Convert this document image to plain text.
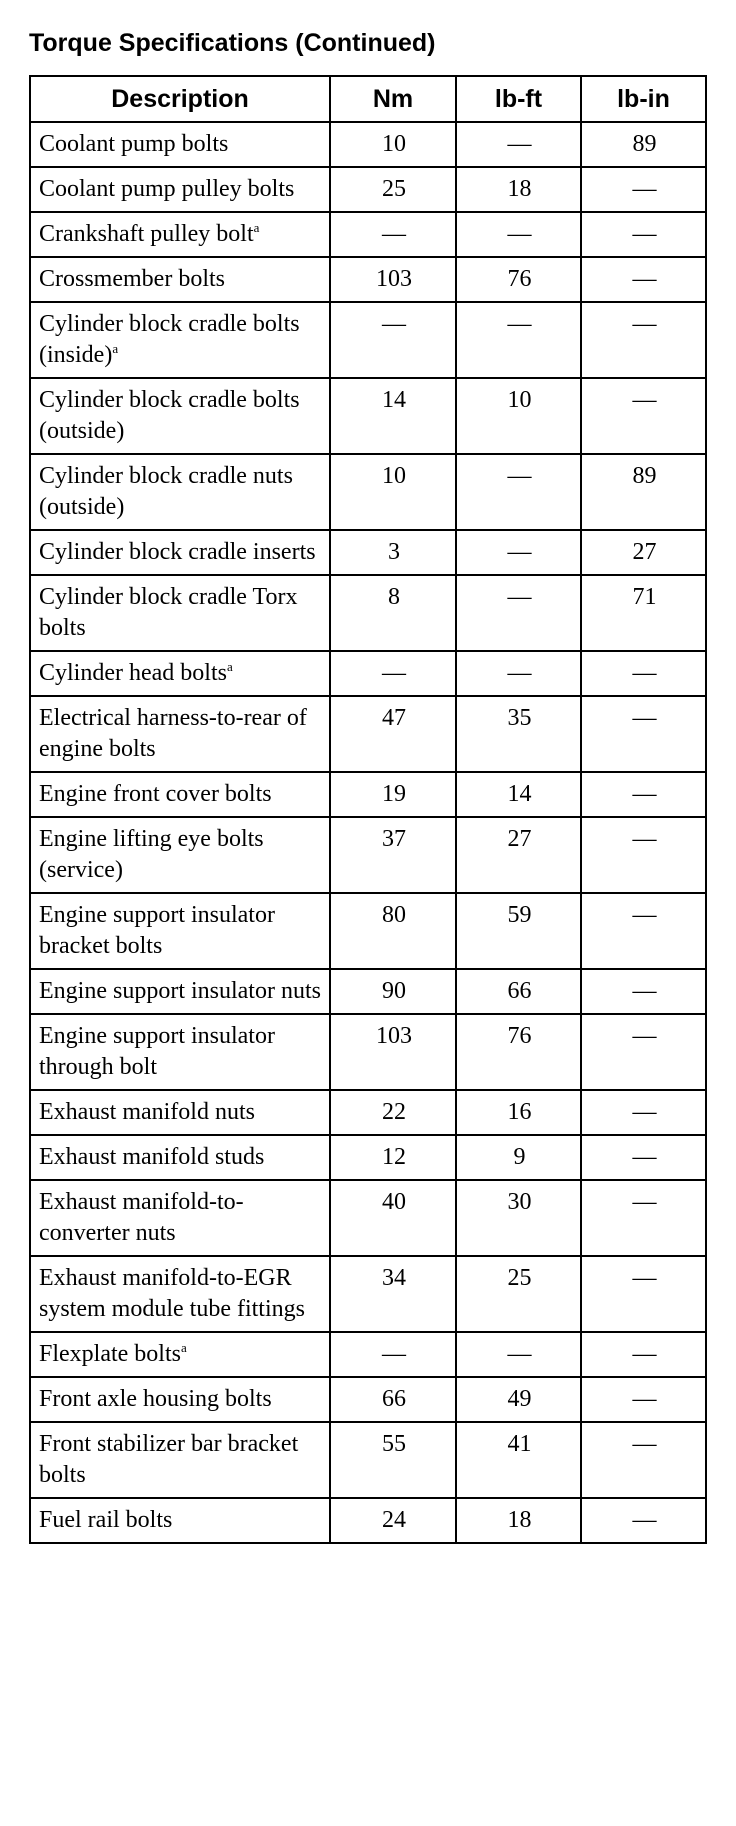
Torque Specifications (Continued)
Description	Nm	lb-ft	lb-in
Coolant pump bolts	10	—	89
Coolant pump pulley bolts	25	18	—
Crankshaft pulley bolt$^a$	—	—	—
Crossmember bolts	103	76	—
Cylinder block cradle bolts (inside)$^a$	—	—	—
Cylinder block cradle bolts (outside)	14	10	—
Cylinder block cradle nuts (outside)	10	—	89
Cylinder block cradle inserts	3	—	27
Cylinder block cradle Torx bolts	8	—	71
Cylinder head bolts$^a$	—	—	—
Electrical harness-to-rear of engine bolts	47	35	—
Engine front cover bolts	19	14	—
Engine lifting eye bolts (service)	37	27	—
Engine support insulator bracket bolts	80	59	—
Engine support insulator nuts	90	66	—
Engine support insulator through bolt	103	76	—
Exhaust manifold nuts	22	16	—
Exhaust manifold studs	12	9	—
Exhaust manifold-to-converter nuts	40	30	—
Exhaust manifold-to-EGR system module tube fittings	34	25	—
Flexplate bolts$^a$	—	—	—
Front axle housing bolts	66	49	—
Front stabilizer bar bracket bolts	55	41	—
Fuel rail bolts	24	18	—
